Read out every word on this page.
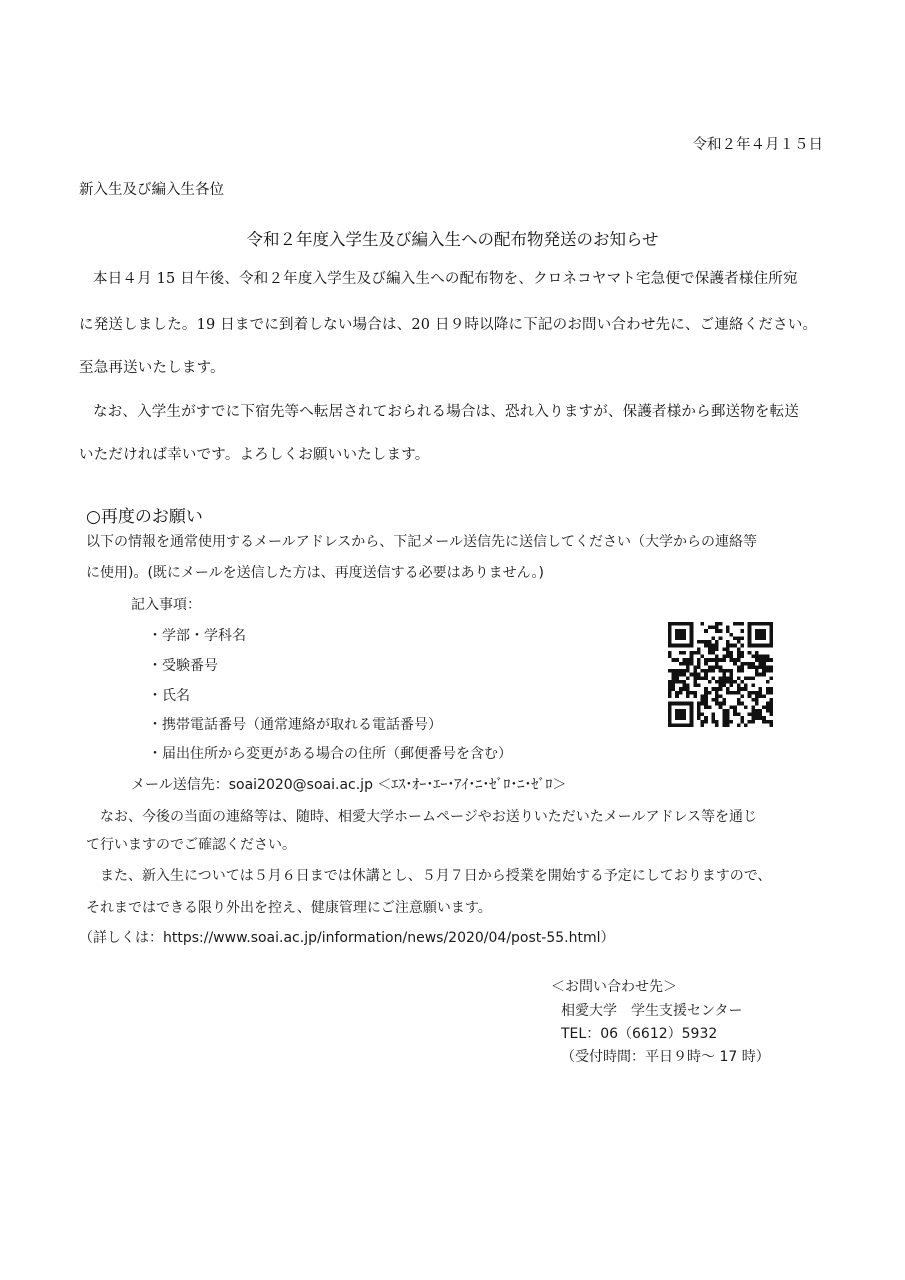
令和２年４月１５日
新入生及び編入生各位
令和２年度入学生及び編入生への配布物発送のお知らせ
本日４月 15 日午後、令和２年度入学生及び編入生への配布物を、クロネコヤマト宅急便で保護者様住所宛
に発送しました。19 日までに到着しない場合は、20 日９時以降に下記のお問い合わせ先に、ご連絡ください。
至急再送いたします。
なお、入学生がすでに下宿先等へ転居されておられる場合は、恐れ入りますが、保護者様から郵送物を転送
いただければ幸いです。よろしくお願いいたします。
○再度のお願い
以下の情報を通常使用するメールアドレスから、下記メール送信先に送信してください（大学からの連絡等
に使用)。(既にメールを送信した方は、再度送信する必要はありません。)
記入事項：
・学部・学科名
・受験番号
・氏名
・携帯電話番号（通常連絡が取れる電話番号）
・届出住所から変更がある場合の住所（郵便番号を含む）
メール送信先：soai2020@soai.ac.jp ＜ｴｽ･ｵｰ･ｴｰ･ｱｲ･ﾆ･ｾﾞﾛ･ﾆ･ｾﾞﾛ＞
なお、今後の当面の連絡等は、随時、相愛大学ホームページやお送りいただいたメールアドレス等を通じ
て行いますのでご確認ください。
また、新入生については５月６日までは休講とし、５月７日から授業を開始する予定にしておりますので、
それまではできる限り外出を控え、健康管理にご注意願います。
（詳しくは：https://www.soai.ac.jp/information/news/2020/04/post-55.html）
＜お問い合わせ先＞
相愛大学　学生支援センター
TEL：06（6612）5932
（受付時間：平日９時～ 17 時）
